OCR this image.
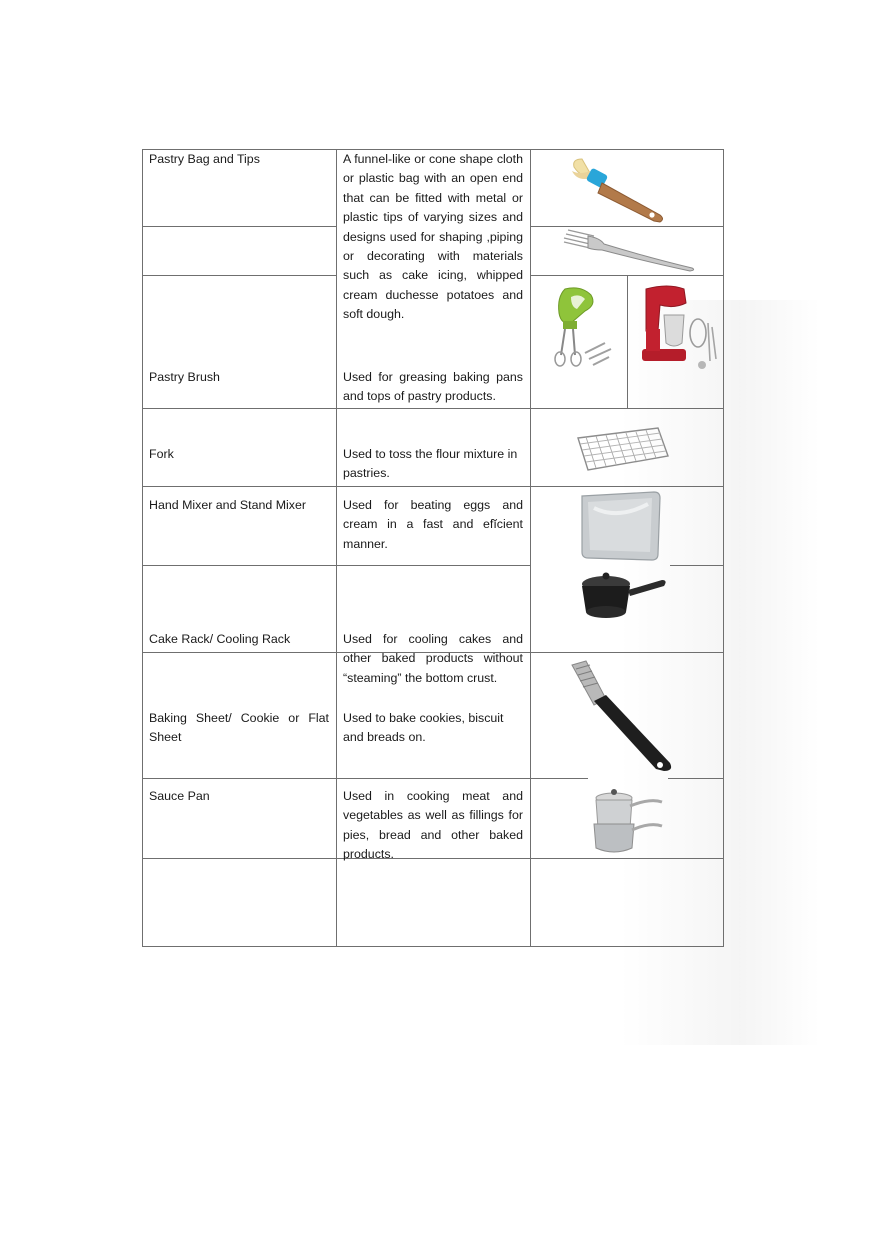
Pastry Bag and Tips
Pastry Brush
Fork
Hand Mixer and Stand Mixer
Cake Rack/ Cooling Rack
Baking Sheet/ Cookie or Flat Sheet
Sauce Pan
A funnel-like or cone shape cloth or plastic bag with an open end that can be fitted with metal or plastic tips of varying sizes and designs used for shaping ,piping or decorating with materials such as cake icing, whipped cream duchesse potatoes and soft dough.
Used for greasing baking pans and tops of pastry products.
Used to toss the flour mixture in pastries.
Used for beating eggs and cream in a fast and efĭcient manner.
Used for cooling cakes and other baked products without “steaming” the bottom crust.
Used to bake cookies, biscuit and breads on.
Used in cooking meat and vegetables as well as fillings for pies, bread and other baked products.
